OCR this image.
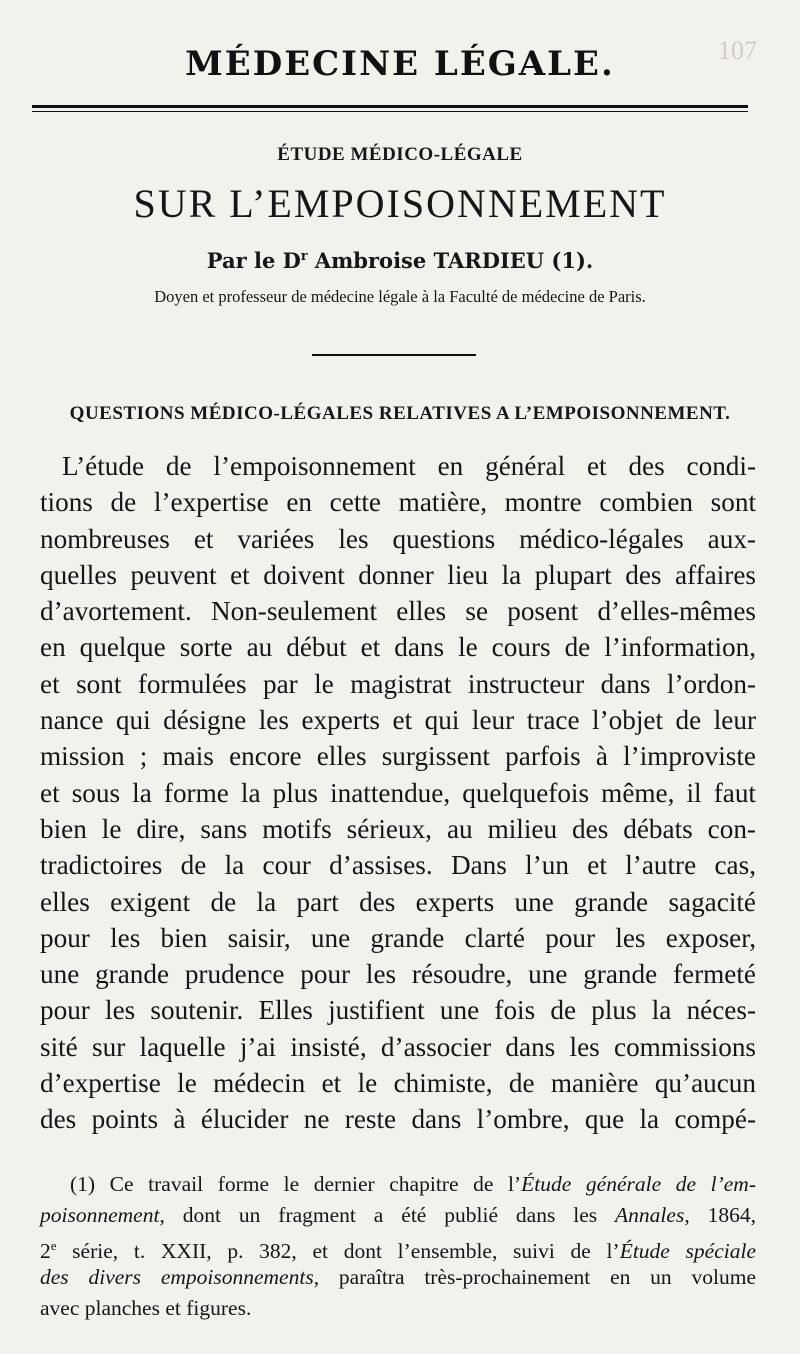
107
MÉDECINE LÉGALE.
ÉTUDE MÉDICO-LÉGALE
SUR L’EMPOISONNEMENT
Par le $D^r$ Ambroise TARDIEU (1).
Doyen et professeur de médecine légale à la Faculté de médecine de Paris.
QUESTIONS MÉDICO-LÉGALES RELATIVES A L’EMPOISONNEMENT.
L’étude de l’empoisonnement en général et des condi-
tions de l’expertise en cette matière, montre combien sont
nombreuses et variées les questions médico-légales aux-
quelles peuvent et doivent donner lieu la plupart des affaires
d’avortement. Non-seulement elles se posent d’elles-mêmes
en quelque sorte au début et dans le cours de l’information,
et sont formulées par le magistrat instructeur dans l’ordon-
nance qui désigne les experts et qui leur trace l’objet de leur
mission ; mais encore elles surgissent parfois à l’improviste
et sous la forme la plus inattendue, quelquefois même, il faut
bien le dire, sans motifs sérieux, au milieu des débats con-
tradictoires de la cour d’assises. Dans l’un et l’autre cas,
elles exigent de la part des experts une grande sagacité
pour les bien saisir, une grande clarté pour les exposer,
une grande prudence pour les résoudre, une grande fermeté
pour les soutenir. Elles justifient une fois de plus la néces-
sité sur laquelle j’ai insisté, d’associer dans les commissions
d’expertise le médecin et le chimiste, de manière qu’aucun
des points à élucider ne reste dans l’ombre, que la compé-
(1) Ce travail forme le dernier chapitre de l’Étude générale de l’em-
poisonnement, dont un fragment a été publié dans les Annales, 1864,
2e série, t. XXII, p. 382, et dont l’ensemble, suivi de l’Étude spéciale
des divers empoisonnements, paraîtra très-prochainement en un volume
avec planches et figures.
